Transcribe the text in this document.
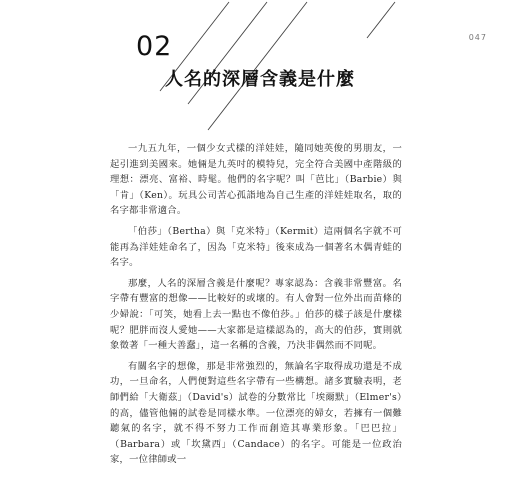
047
02
人名的深層含義是什麼

一九五九年，一個少女式樣的洋娃娃，隨同她英俊的男朋友，一起引進到美國來。她倆是九英吋的模特兒，完全符合美國中產階級的理想：漂亮、富裕、時髦。他們的名字呢？叫「芭比」（Barbie）與「肯」（Ken）。玩具公司苦心孤詣地為自己生產的洋娃娃取名，取的名字都非常適合。

「伯莎」（Bertha）與「克米特」（Kermit）這兩個名字就不可能再為洋娃娃命名了，因為「克米特」後來成為一個著名木偶青蛙的名字。

那麼，人名的深層含義是什麼呢？專家認為：含義非常豐富。名字帶有豐富的想像——比較好的或壞的。有人會對一位外出而苗條的少婦說：「可笑，她看上去一點也不像伯莎。」伯莎的樣子該是什麼樣呢？肥胖而沒人愛她——大家都是這樣認為的，高大的伯莎，實則就象徵著「一種大善蠢」，這一名稱的含義，乃決非偶然而不同呢。

有關名字的想像，那是非常強烈的，無論名字取得成功還是不成功，一旦命名，人們便對這些名字帶有一些構想。諸多實驗表明，老師們給「大衛茲」（David's）試卷的分數常比「埃爾默」（Elmer's）的高，儘管他倆的試卷是同樣水準。一位漂亮的婦女，若擁有一個難聽氣的名字，就不得不努力工作而創造其專業形象。「巴巴拉」（Barbara）或「坎黛西」（Candace）的名字。可能是一位政治家，一位律師或一
